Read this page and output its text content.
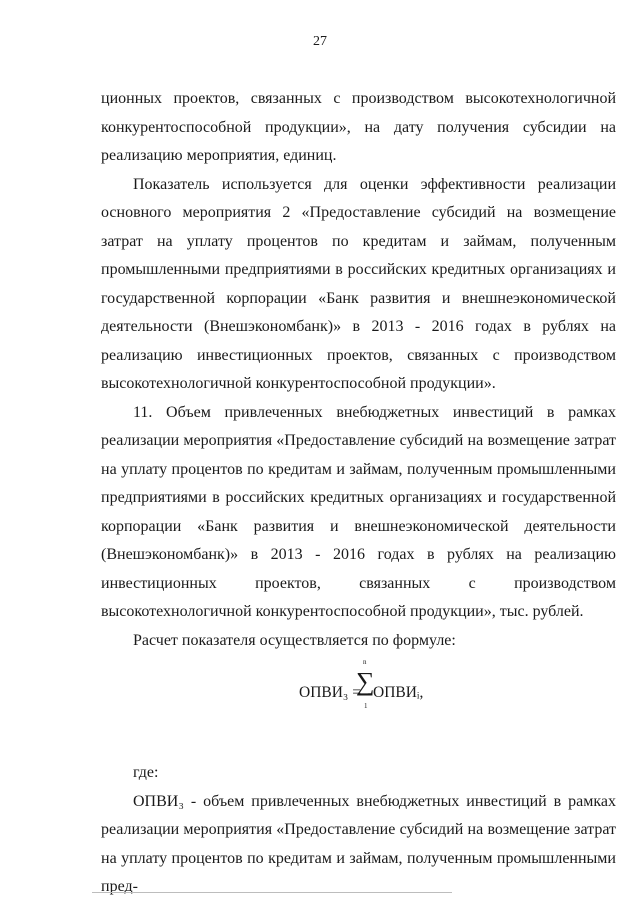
27

ционных проектов, связанных с производством высокотехнологичной конкурентоспособной продукции», на дату получения субсидии на реализацию мероприятия, единиц.

Показатель используется для оценки эффективности реализации основного мероприятия 2 «Предоставление субсидий на возмещение затрат на уплату процентов по кредитам и займам, полученным промышленными предприятиями в российских кредитных организациях и государственной корпорации «Банк развития и внешнеэкономической деятельности (Внешэкономбанк)» в 2013 - 2016 годах в рублях на реализацию инвестиционных проектов, связанных с производством высокотехнологичной конкурентоспособной продукции».

11. Объем привлеченных внебюджетных инвестиций в рамках реализации мероприятия «Предоставление субсидий на возмещение затрат на уплату процентов по кредитам и займам, полученным промышленными предприятиями в российских кредитных организациях и государственной корпорации «Банк развития и внешнеэкономической деятельности (Внешэкономбанк)» в 2013 - 2016 годах в рублях на реализацию инвестиционных проектов, связанных с производством высокотехнологичной конкурентоспособной продукции», тыс. рублей.

Расчет показателя осуществляется по формуле:

ОПВИ₃ =
n
∑
1
ОПВИᵢ,

где:

ОПВИ₃ - объем привлеченных внебюджетных инвестиций в рамках реализации мероприятия «Предоставление субсидий на возмещение затрат на уплату процентов по кредитам и займам, полученным промышленными пред-
